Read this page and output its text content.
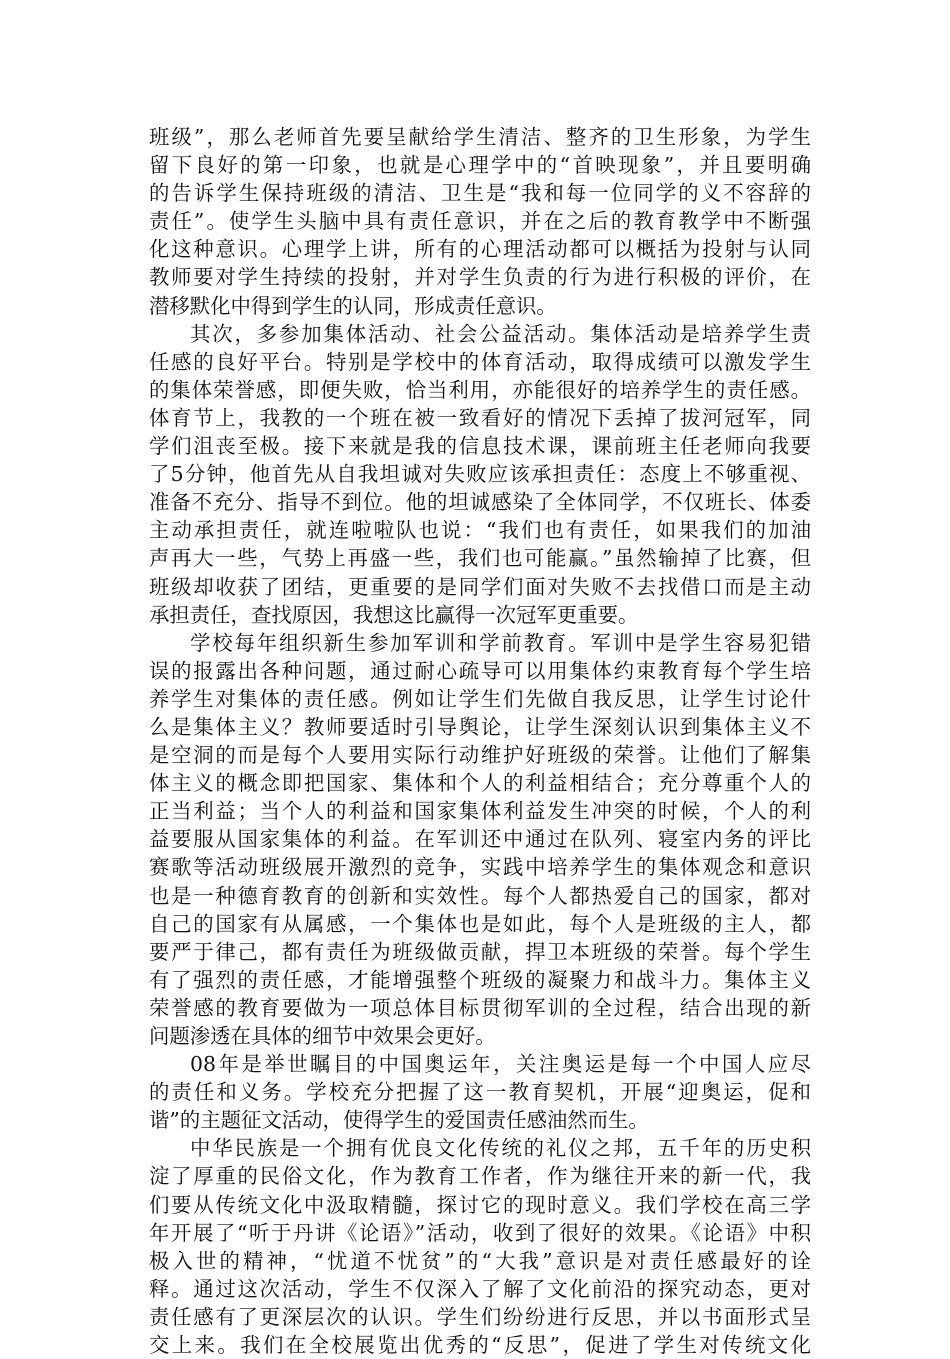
班级”，那么老师首先要呈献给学生清洁、整齐的卫生形象，为学生
留下良好的第一印象，也就是心理学中的“首映现象”，并且要明确
的告诉学生保持班级的清洁、卫生是“我和每一位同学的义不容辞的
责任”。使学生头脑中具有责任意识，并在之后的教育教学中不断强
化这种意识。心理学上讲，所有的心理活动都可以概括为投射与认同
教师要对学生持续的投射，并对学生负责的行为进行积极的评价，在
潜移默化中得到学生的认同，形成责任意识。
其次，多参加集体活动、社会公益活动。集体活动是培养学生责
任感的良好平台。特别是学校中的体育活动，取得成绩可以激发学生
的集体荣誉感，即便失败，恰当利用，亦能很好的培养学生的责任感。
体育节上，我教的一个班在被一致看好的情况下丢掉了拔河冠军，同
学们沮丧至极。接下来就是我的信息技术课，课前班主任老师向我要
了5分钟，他首先从自我坦诚对失败应该承担责任：态度上不够重视、
准备不充分、指导不到位。他的坦诚感染了全体同学，不仅班长、体委
主动承担责任，就连啦啦队也说：“我们也有责任，如果我们的加油
声再大一些，气势上再盛一些，我们也可能赢。”虽然输掉了比赛，但
班级却收获了团结，更重要的是同学们面对失败不去找借口而是主动
承担责任，查找原因，我想这比赢得一次冠军更重要。
学校每年组织新生参加军训和学前教育。军训中是学生容易犯错
误的报露出各种问题，通过耐心疏导可以用集体约束教育每个学生培
养学生对集体的责任感。例如让学生们先做自我反思，让学生讨论什
么是集体主义？教师要适时引导舆论，让学生深刻认识到集体主义不
是空洞的而是每个人要用实际行动维护好班级的荣誉。让他们了解集
体主义的概念即把国家、集体和个人的利益相结合；充分尊重个人的
正当利益；当个人的利益和国家集体利益发生冲突的时候，个人的利
益要服从国家集体的利益。在军训还中通过在队列、寝室内务的评比
赛歌等活动班级展开激烈的竞争，实践中培养学生的集体观念和意识
也是一种德育教育的创新和实效性。每个人都热爱自己的国家，都对
自己的国家有从属感，一个集体也是如此，每个人是班级的主人，都
要严于律己，都有责任为班级做贡献，捍卫本班级的荣誉。每个学生
有了强烈的责任感，才能增强整个班级的凝聚力和战斗力。集体主义
荣誉感的教育要做为一项总体目标贯彻军训的全过程，结合出现的新
问题渗透在具体的细节中效果会更好。
08年是举世瞩目的中国奥运年，关注奥运是每一个中国人应尽
的责任和义务。学校充分把握了这一教育契机，开展“迎奥运，促和
谐”的主题征文活动，使得学生的爱国责任感油然而生。
中华民族是一个拥有优良文化传统的礼仪之邦，五千年的历史积
淀了厚重的民俗文化，作为教育工作者，作为继往开来的新一代，我
们要从传统文化中汲取精髓，探讨它的现时意义。我们学校在高三学
年开展了“听于丹讲《论语》”活动，收到了很好的效果。《论语》中积
极入世的精神，“忧道不忧贫”的“大我”意识是对责任感最好的诠
释。通过这次活动，学生不仅深入了解了文化前沿的探究动态，更对
责任感有了更深层次的认识。学生们纷纷进行反思，并以书面形式呈
交上来。我们在全校展览出优秀的“反思”，促进了学生对传统文化
